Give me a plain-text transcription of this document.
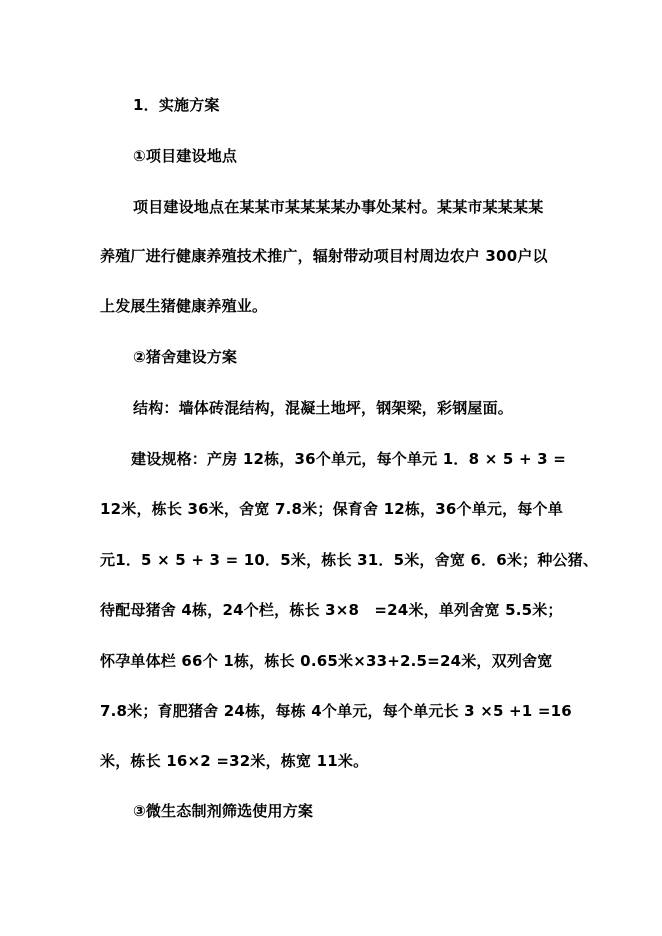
1．实施方案
①项目建设地点
项目建设地点在某某市某某某某办事处某村。某某市某某某某
养殖厂进行健康养殖技术推广，辐射带动项目村周边农户 300户以
上发展生猪健康养殖业。
②猪舍建设方案
结构：墙体砖混结构，混凝土地坪，钢架梁，彩钢屋面。
建设规格：产房 12栋，36个单元，每个单元 1．8 × 5 + 3 =
12米，栋长 36米，舍宽 7.8米；保育舍 12栋，36个单元，每个单
元1．5 × 5 + 3 = 10．5米，栋长 31．5米，舍宽 6．6米；种公猪、
待配母猪舍 4栋，24个栏，栋长 3×8　=24米，单列舍宽 5.5米；
怀孕单体栏 66个 1栋，栋长 0.65米×33+2.5=24米，双列舍宽
7.8米；育肥猪舍 24栋，每栋 4个单元，每个单元长 3 ×5 +1 =16
米，栋长 16×2 =32米，栋宽 11米。
③微生态制剂筛选使用方案
